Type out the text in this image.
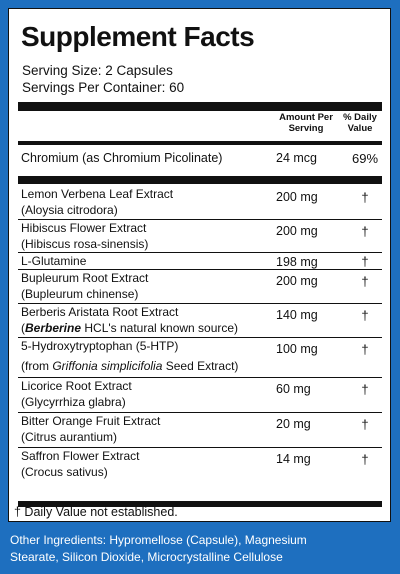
Supplement Facts
Serving Size: 2 Capsules
Servings Per Container: 60
Amount Per
Serving
% Daily
Value
Chromium (as Chromium Picolinate)	24 mcg	69%
Lemon Verbena Leaf Extract
(Aloysia citrodora)
200 mg	†
Hibiscus Flower Extract
(Hibiscus rosa-sinensis)
200 mg	†
L-Glutamine	198 mg	†
Bupleurum Root Extract
(Bupleurum chinense)
200 mg	†
Berberis Aristata Root Extract
(Berberine HCL's natural known source)
140 mg	†
5-Hydroxytryptophan (5-HTP)
(from Griffonia simplicifolia Seed Extract)
100 mg	†
Licorice Root Extract
(Glycyrrhiza glabra)
60 mg	†
Bitter Orange Fruit Extract
(Citrus aurantium)
20 mg	†
Saffron Flower Extract
(Crocus sativus)
14 mg	†
† Daily Value not established.
Other Ingredients: Hypromellose (Capsule), Magnesium
Stearate, Silicon Dioxide, Microcrystalline Cellulose
